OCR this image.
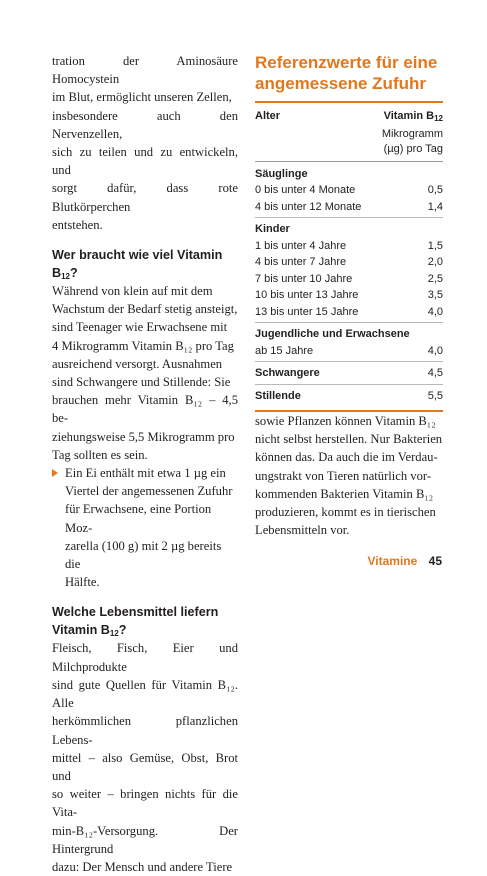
tration der Aminosäure Homocystein
im Blut, ermöglicht unseren Zellen,
insbesondere auch den Nervenzellen,
sich zu teilen und zu entwickeln, und
sorgt dafür, dass rote Blutkörperchen
entstehen.

Wer braucht wie viel Vitamin $B_{12}$?

Während von klein auf mit dem
Wachstum der Bedarf stetig ansteigt,
sind Teenager wie Erwachsene mit
4 Mikrogramm Vitamin B₁₂ pro Tag
ausreichend versorgt. Ausnahmen
sind Schwangere und Stillende: Sie
brauchen mehr Vitamin B₁₂ – 4,5 be-
ziehungsweise 5,5 Mikrogramm pro
Tag sollten es sein.

Ein Ei enthält mit etwa 1 µg ein
Viertel der angemessenen Zufuhr
für Erwachsene, eine Portion Moz-
zarella (100 g) mit 2 µg bereits die
Hälfte.

Welche Lebensmittel liefern
Vitamin $B_{12}$?

Fleisch, Fisch, Eier und Milchprodukte
sind gute Quellen für Vitamin B₁₂. Alle
herkömmlichen pflanzlichen Lebens-
mittel – also Gemüse, Obst, Brot und
so weiter – bringen nichts für die Vita-
min-B₁₂-Versorgung. Der Hintergrund
dazu: Der Mensch und andere Tiere

Referenzwerte für eine
angemessene Zufuhr

Alter	Vitamin $B_{12}$
Mikrogramm
(µg) pro Tag
Säuglinge
0 bis unter 4 Monate	0,5
4 bis unter 12 Monate	1,4
Kinder
1 bis unter 4 Jahre	1,5
4 bis unter 7 Jahre	2,0
7 bis unter 10 Jahre	2,5
10 bis unter 13 Jahre	3,5
13 bis unter 15 Jahre	4,0
Jugendliche und Erwachsene
ab 15 Jahre	4,0
Schwangere	4,5
Stillende	5,5

sowie Pflanzen können Vitamin B₁₂
nicht selbst herstellen. Nur Bakterien
können das. Da auch die im Verdau-
ungstrakt von Tieren natürlich vor-
kommenden Bakterien Vitamin B₁₂
produzieren, kommt es in tierischen
Lebensmitteln vor.

Vitamine 45
